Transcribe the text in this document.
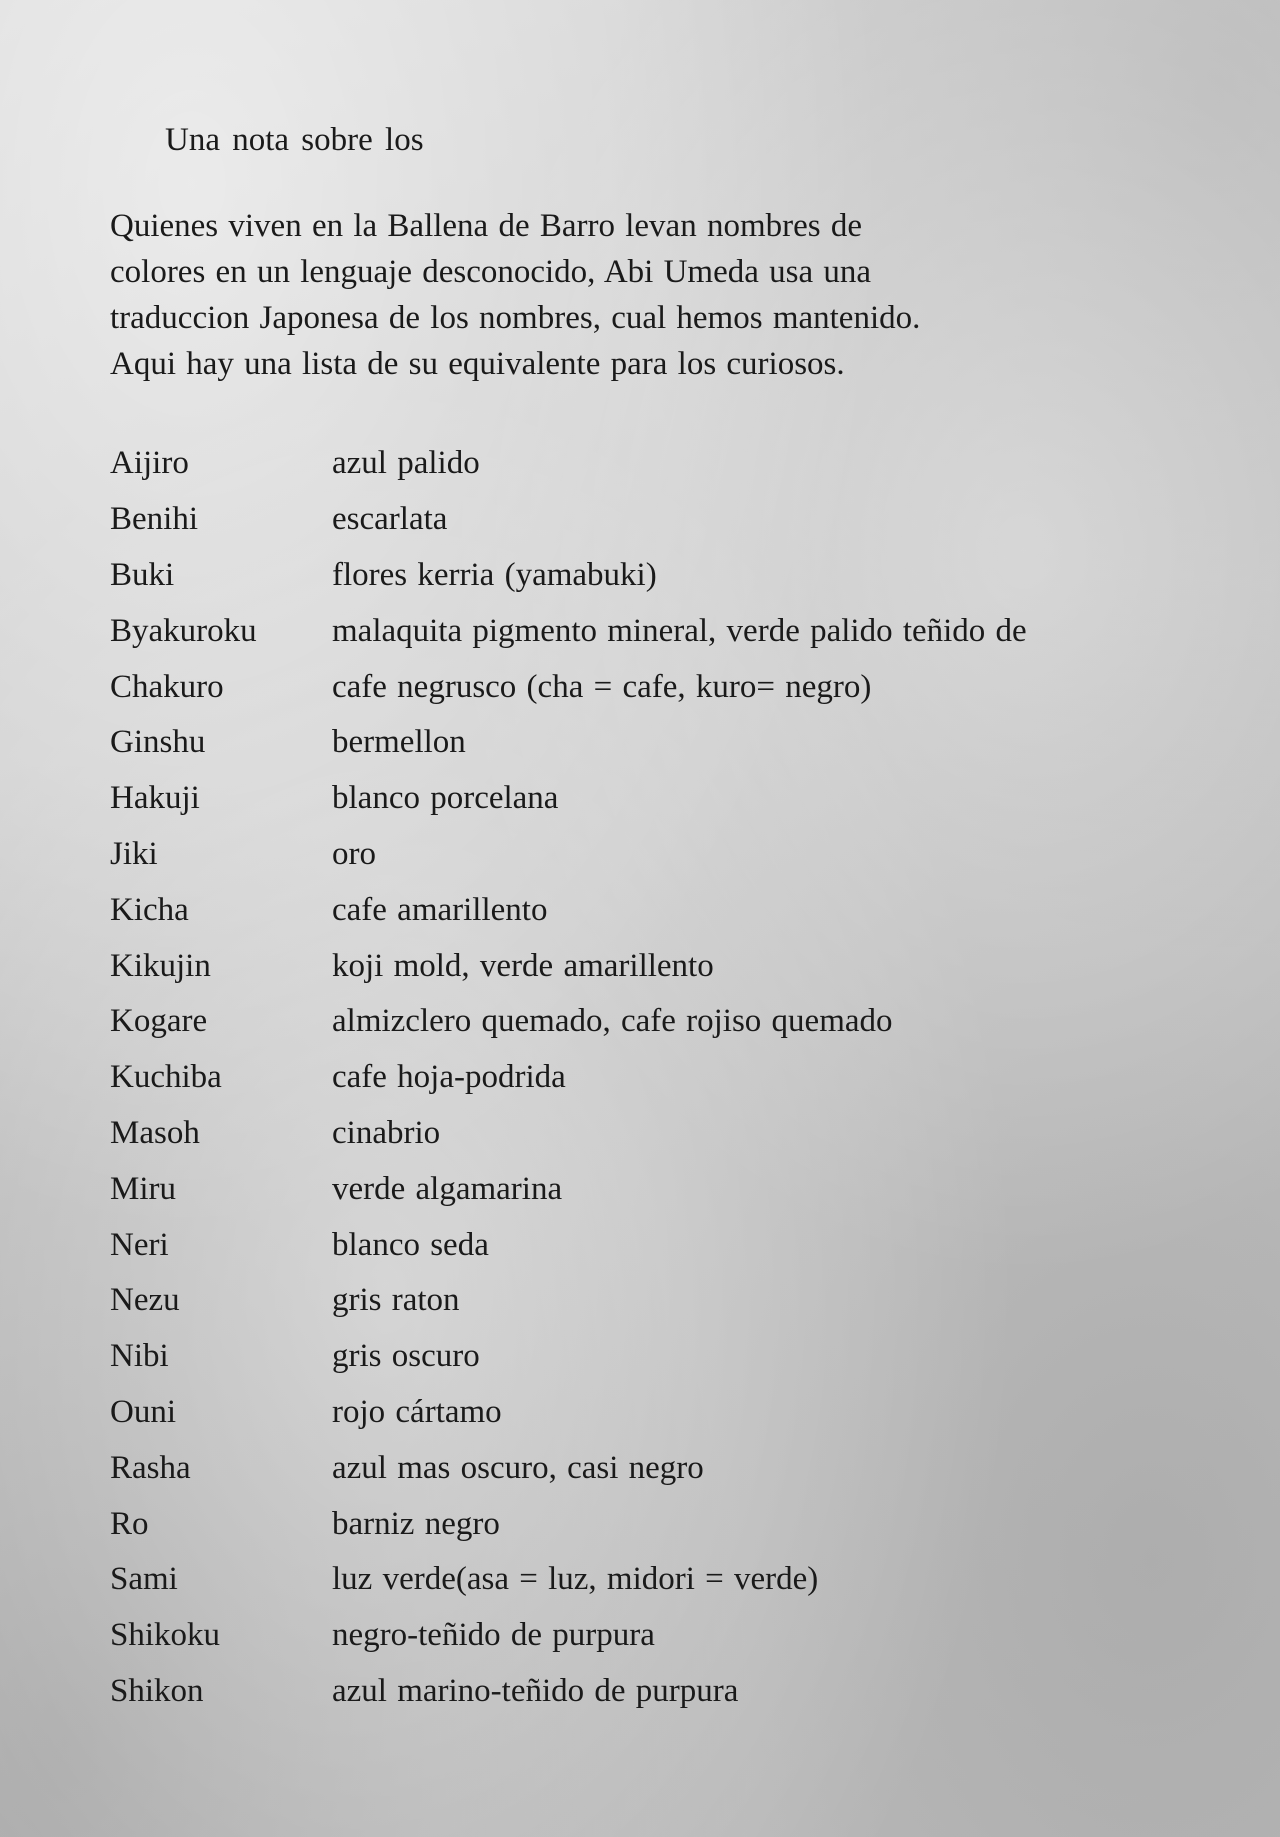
Una nota sobre los

Quienes viven en la Ballena de Barro levan nombres de

colores en un lenguaje desconocido, Abi Umeda usa una

traduccion Japonesa de los nombres, cual hemos mantenido.

Aqui hay una lista de su equivalente para los curiosos.

Aijiro	azul palido
Benihi	escarlata
Buki	flores kerria (yamabuki)
Byakuroku	malaquita pigmento mineral, verde palido teñido de
Chakuro	cafe negrusco (cha = cafe, kuro= negro)
Ginshu	bermellon
Hakuji	blanco porcelana
Jiki	oro
Kicha	cafe amarillento
Kikujin	koji mold, verde amarillento
Kogare	almizclero quemado, cafe rojiso quemado
Kuchiba	cafe hoja-podrida
Masoh	cinabrio
Miru	verde algamarina
Neri	blanco seda
Nezu	gris raton
Nibi	gris oscuro
Ouni	rojo cártamo
Rasha	azul mas oscuro, casi negro
Ro	barniz negro
Sami	luz verde(asa = luz, midori = verde)
Shikoku	negro-teñido de purpura
Shikon	azul marino-teñido de purpura
